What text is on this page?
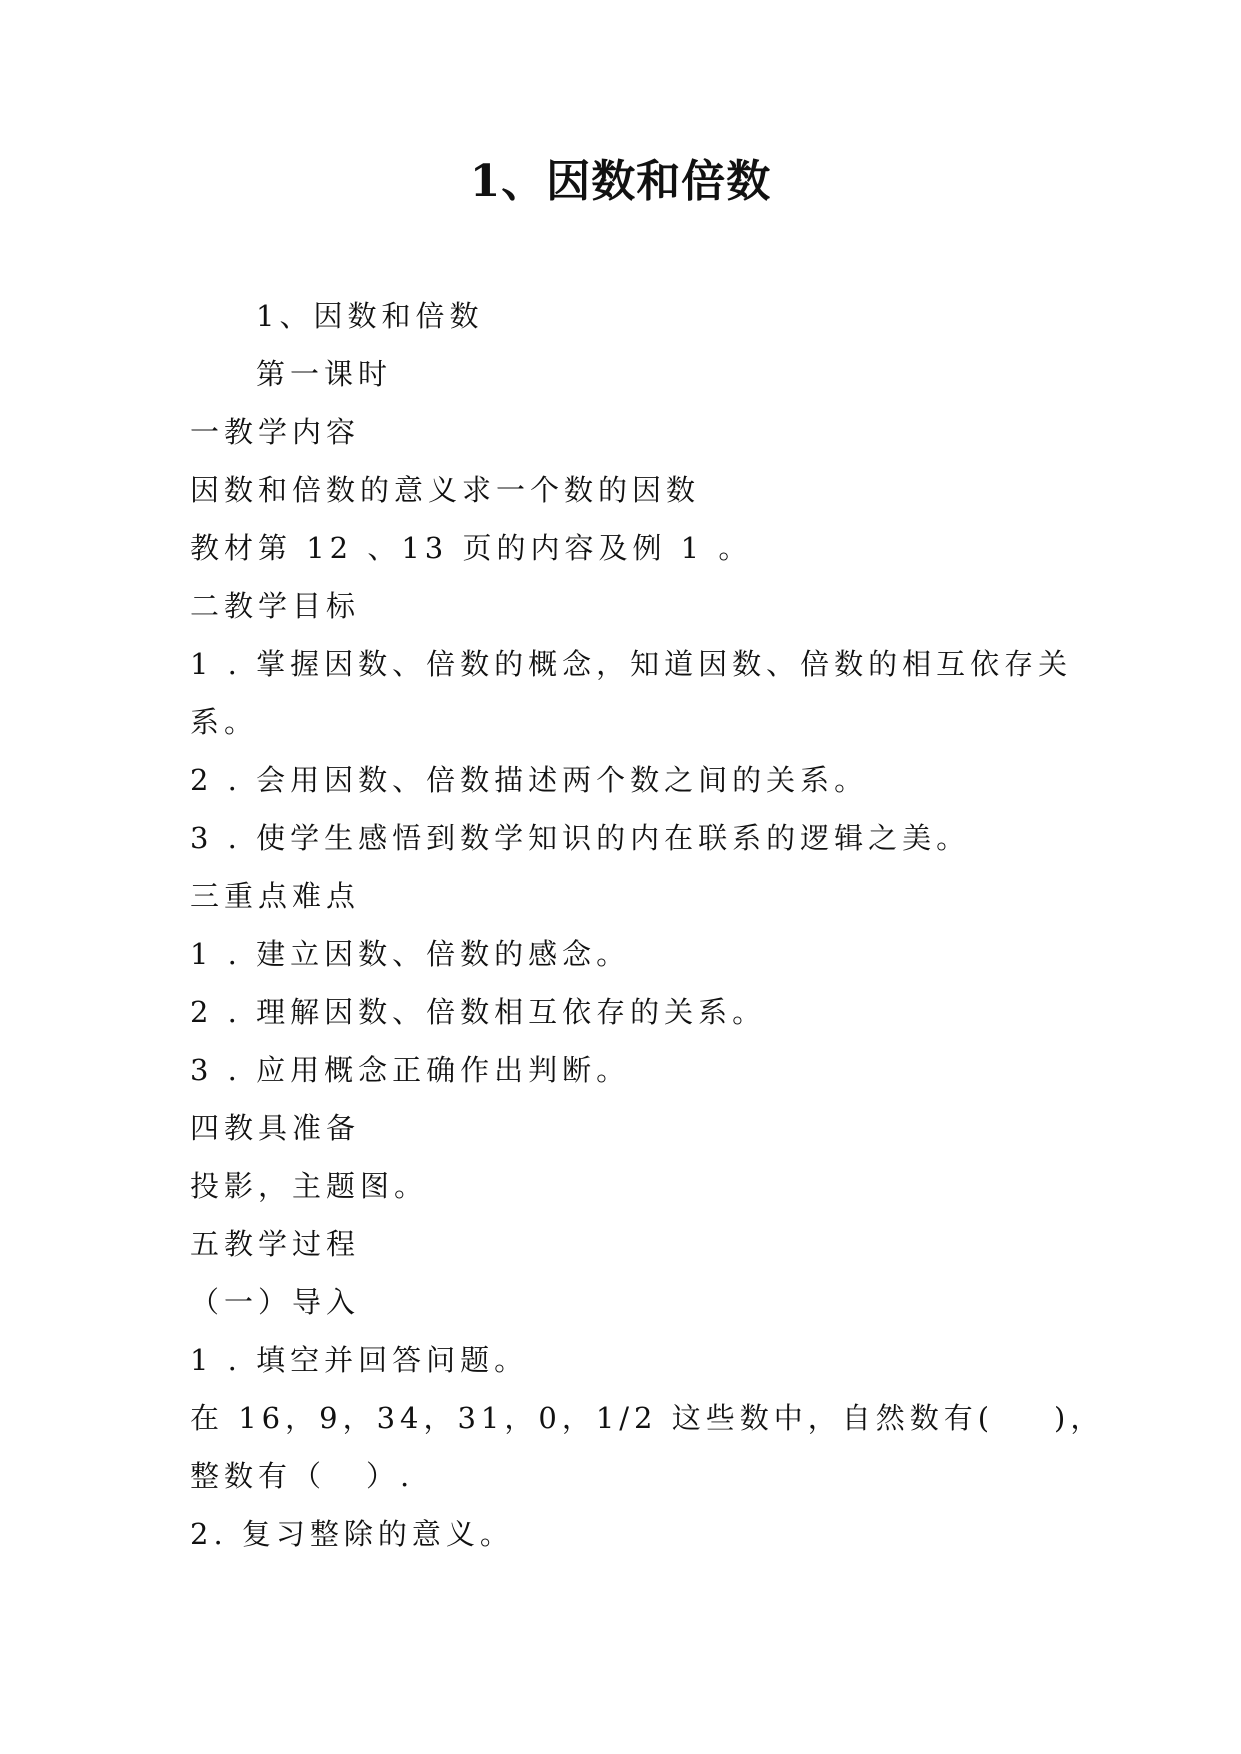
1、因数和倍数

1、因数和倍数

第一课时

一教学内容

因数和倍数的意义求一个数的因数

教材第 12 、13 页的内容及例 1 。

二教学目标

1 . 掌握因数、倍数的概念，知道因数、倍数的相互依存关

系。

2 . 会用因数、倍数描述两个数之间的关系。

3 . 使学生感悟到数学知识的内在联系的逻辑之美。

三重点难点

1 . 建立因数、倍数的感念。

2 . 理解因数、倍数相互依存的关系。

3 . 应用概念正确作出判断。

四教具准备

投影，主题图。

五教学过程

（一）导入

1 . 填空并回答问题。

在 16，9，34，31，0，1/2 这些数中，自然数有( )，

整数有（ ）.

2. 复习整除的意义。
